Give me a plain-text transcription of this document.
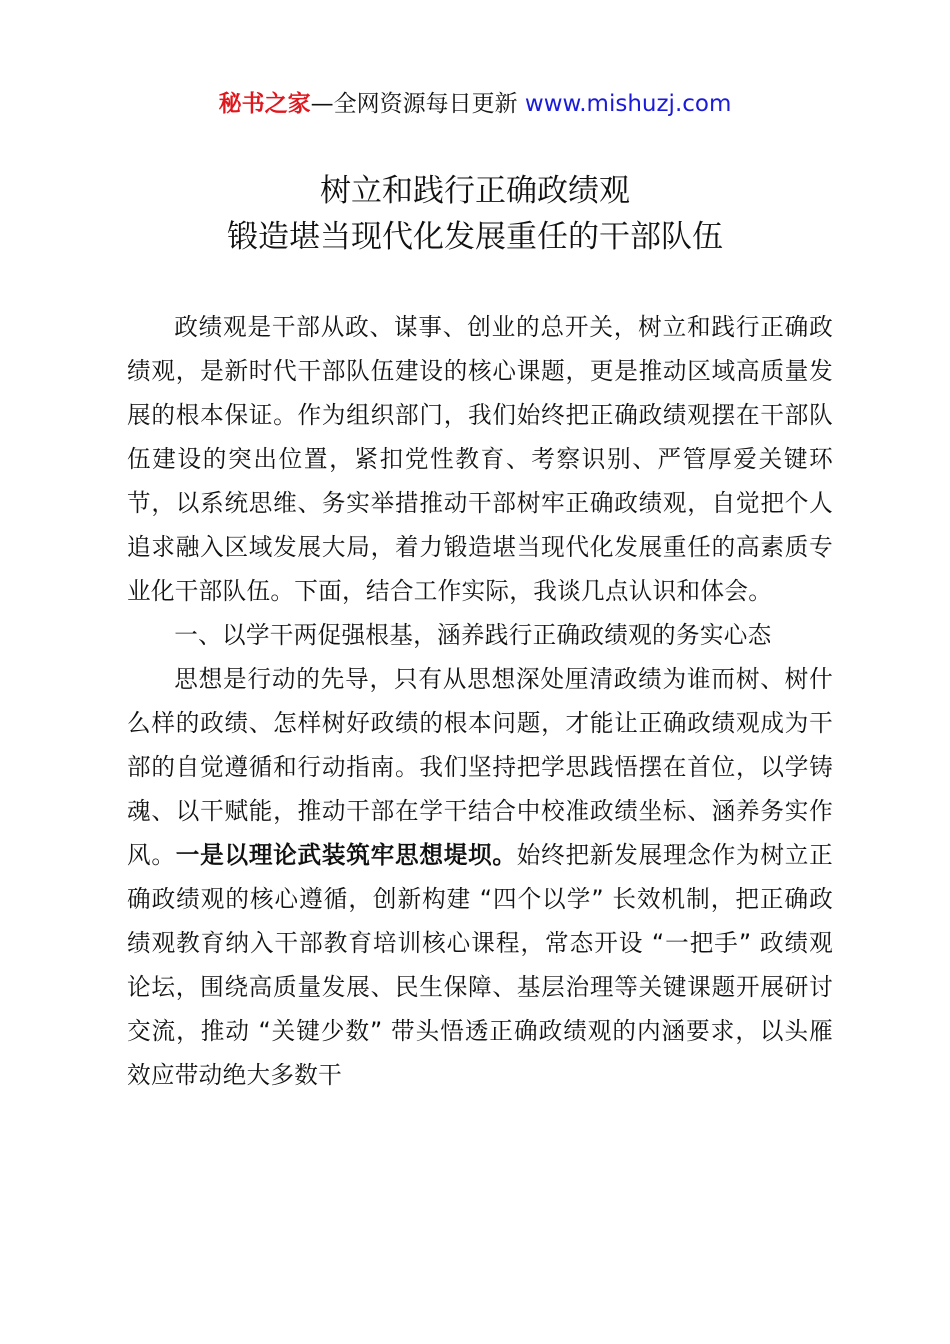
秘书之家—全网资源每日更新 www.mishuzj.com
树立和践行正确政绩观
锻造堪当现代化发展重任的干部队伍

政绩观是干部从政、谋事、创业的总开关，树立和践行正确政绩观，是新时代干部队伍建设的核心课题，更是推动区域高质量发展的根本保证。作为组织部门，我们始终把正确政绩观摆在干部队伍建设的突出位置，紧扣党性教育、考察识别、严管厚爱关键环节，以系统思维、务实举措推动干部树牢正确政绩观，自觉把个人追求融入区域发展大局，着力锻造堪当现代化发展重任的高素质专业化干部队伍。下面，结合工作实际，我谈几点认识和体会。

一、以学干两促强根基，涵养践行正确政绩观的务实心态

思想是行动的先导，只有从思想深处厘清政绩为谁而树、树什么样的政绩、怎样树好政绩的根本问题，才能让正确政绩观成为干部的自觉遵循和行动指南。我们坚持把学思践悟摆在首位，以学铸魂、以干赋能，推动干部在学干结合中校准政绩坐标、涵养务实作风。一是以理论武装筑牢思想堤坝。始终把新发展理念作为树立正确政绩观的核心遵循，创新构建 “四个以学” 长效机制，把正确政绩观教育纳入干部教育培训核心课程，常态开设 “一把手” 政绩观论坛，围绕高质量发展、民生保障、基层治理等关键课题开展研讨交流，推动 “关键少数” 带头悟透正确政绩观的内涵要求，以头雁效应带动绝大多数干
